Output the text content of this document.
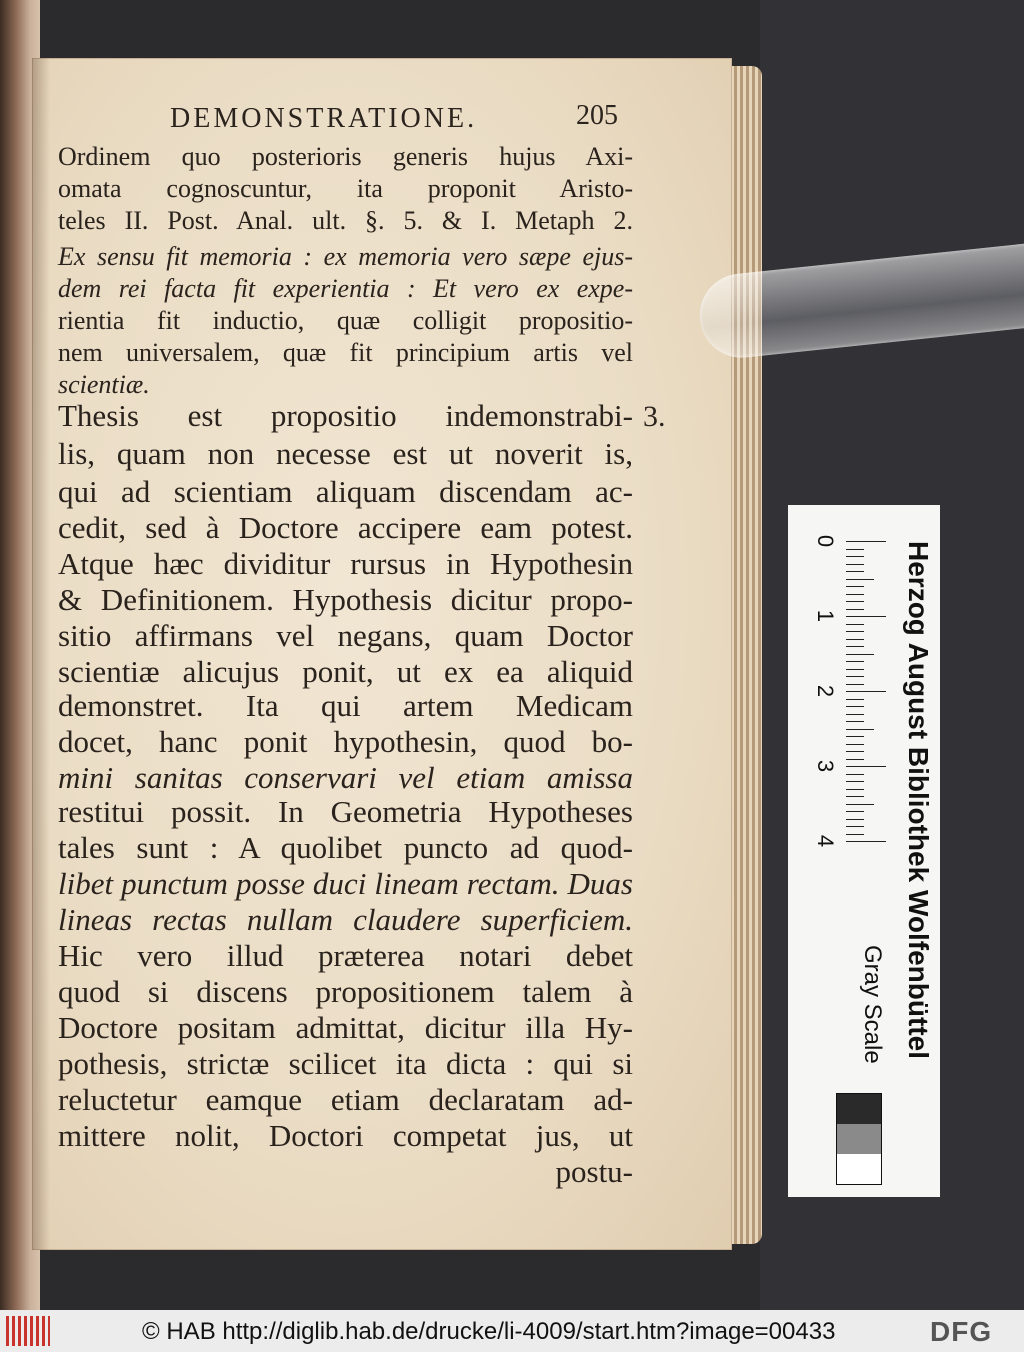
DEMONSTRATIONE.	205
3.
Ordinem quo posterioris generis hujus Axi-
omata cognoscuntur, ita proponit Aristo-
teles II. Post. Anal. ult. §. 5. & I. Metaph 2.
Ex sensu fit memoria : ex memoria vero sæpe ejus-
dem rei facta fit experientia : Et vero ex expe-
rientia fit inductio, quæ colligit propositio-
nem universalem, quæ fit principium artis vel
scientiæ.
Thesis est propositio indemonstrabi-
lis, quam non necesse est ut noverit is,
qui ad scientiam aliquam discendam ac-
cedit, sed à Doctore accipere eam potest.
Atque hæc dividitur rursus in Hypothesin
& Definitionem. Hypothesis dicitur propo-
sitio affirmans vel negans, quam Doctor
scientiæ alicujus ponit, ut ex ea aliquid
demonstret. Ita qui artem Medicam
docet, hanc ponit hypothesin, quod bo-
mini sanitas conservari vel etiam amissa
restitui possit. In Geometria Hypotheses
tales sunt : A quolibet puncto ad quod-
libet punctum posse duci lineam rectam. Duas
lineas rectas nullam claudere superficiem.
Hic vero illud præterea notari debet
quod si discens propositionem talem à
Doctore positam admittat, dicitur illa Hy-
pothesis, strictæ scilicet ita dicta : qui si
reluctetur eamque etiam declaratam ad-
mittere nolit, Doctori competat jus, ut
postu-
Herzog August Bibliothek Wolfenbüttel
0
1
2
3
4
Gray Scale
© HAB http://diglib.hab.de/drucke/li-4009/start.htm?image=00433	DFG
